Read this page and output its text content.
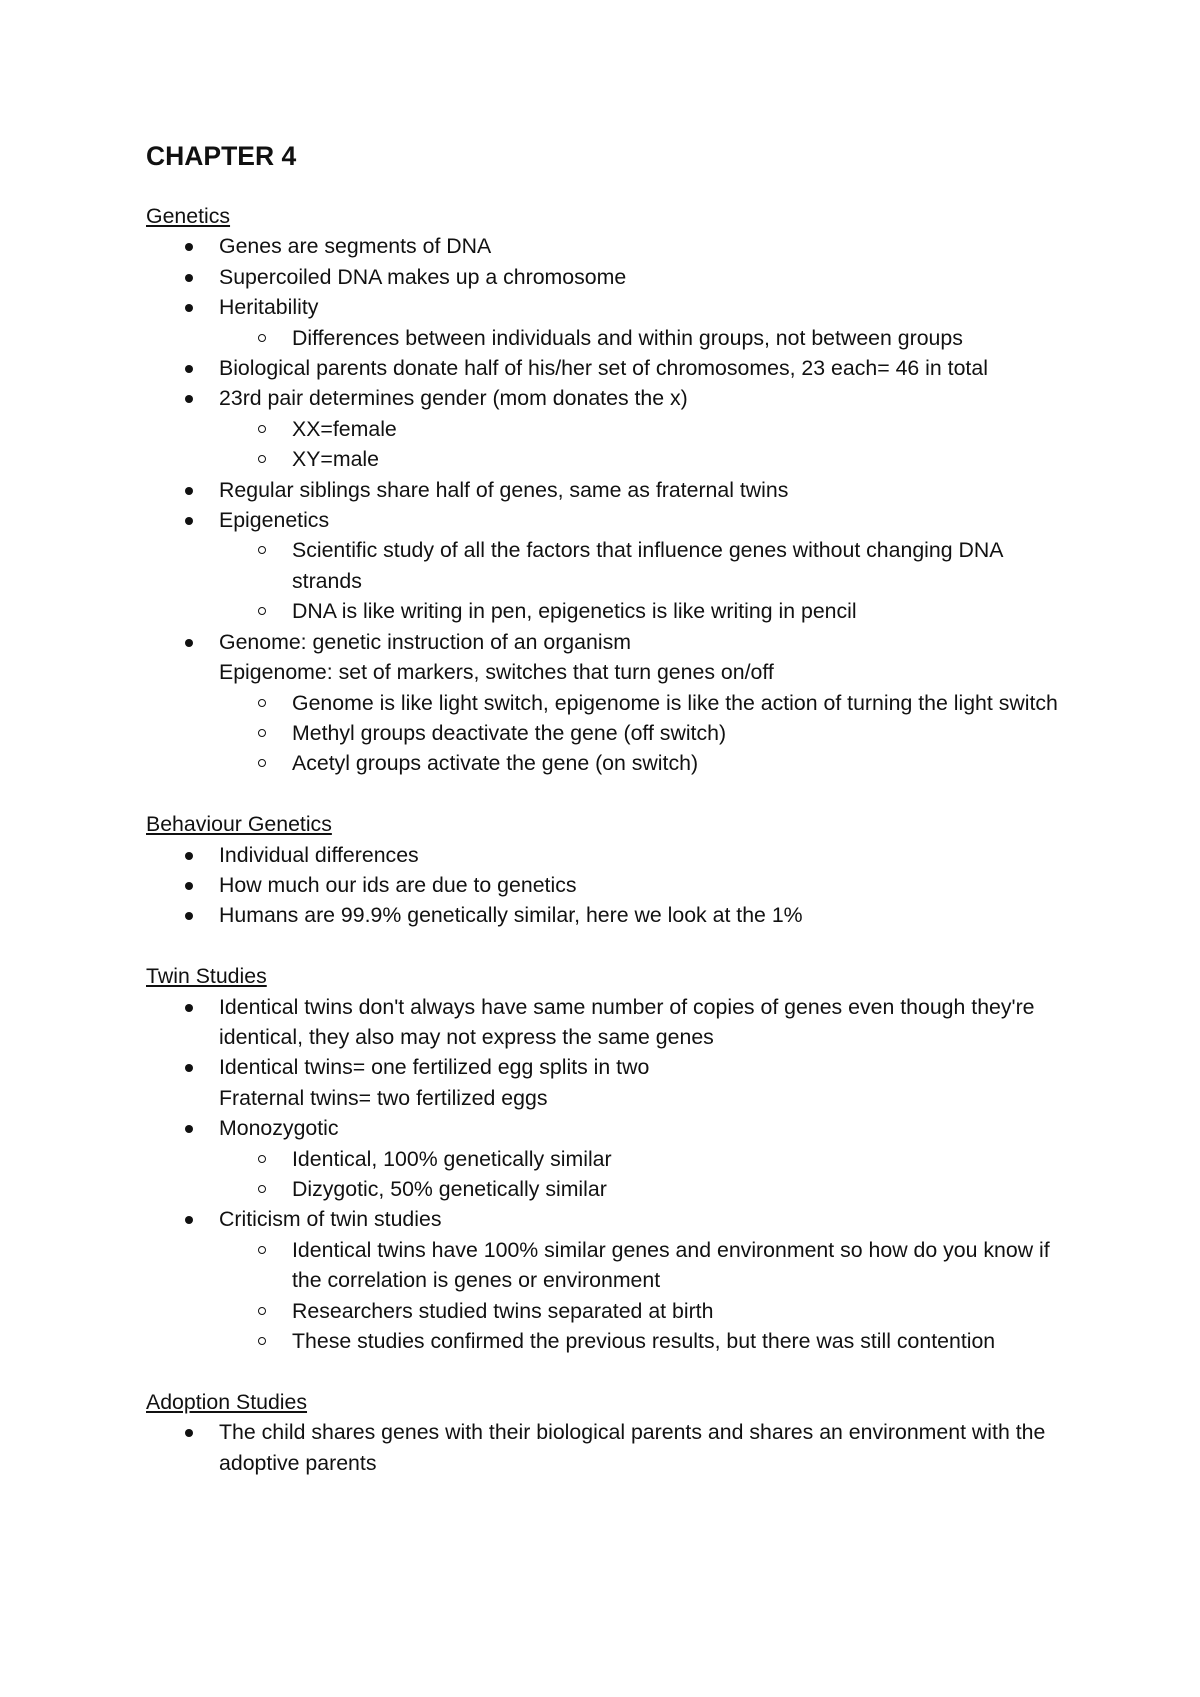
CHAPTER 4

Genetics

Genes are segments of DNA
Supercoiled DNA makes up a chromosome
Heritability
Differences between individuals and within groups, not between groups
Biological parents donate half of his/her set of chromosomes, 23 each= 46 in total
23rd pair determines gender (mom donates the x)
XX=female
XY=male
Regular siblings share half of genes, same as fraternal twins
Epigenetics
Scientific study of all the factors that influence genes without changing DNA strands
DNA is like writing in pen, epigenetics is like writing in pencil
Genome: genetic instruction of an organism
Epigenome: set of markers, switches that turn genes on/off
Genome is like light switch, epigenome is like the action of turning the light switch
Methyl groups deactivate the gene (off switch)
Acetyl groups activate the gene (on switch)

Behaviour Genetics

Individual differences
How much our ids are due to genetics
Humans are 99.9% genetically similar, here we look at the 1%

Twin Studies

Identical twins don't always have same number of copies of genes even though they're identical, they also may not express the same genes
Identical twins= one fertilized egg splits in two
Fraternal twins= two fertilized eggs
Monozygotic
Identical, 100% genetically similar
Dizygotic, 50% genetically similar
Criticism of twin studies
Identical twins have 100% similar genes and environment so how do you know if the correlation is genes or environment
Researchers studied twins separated at birth
These studies confirmed the previous results, but there was still contention

Adoption Studies

The child shares genes with their biological parents and shares an environment with the adoptive parents
